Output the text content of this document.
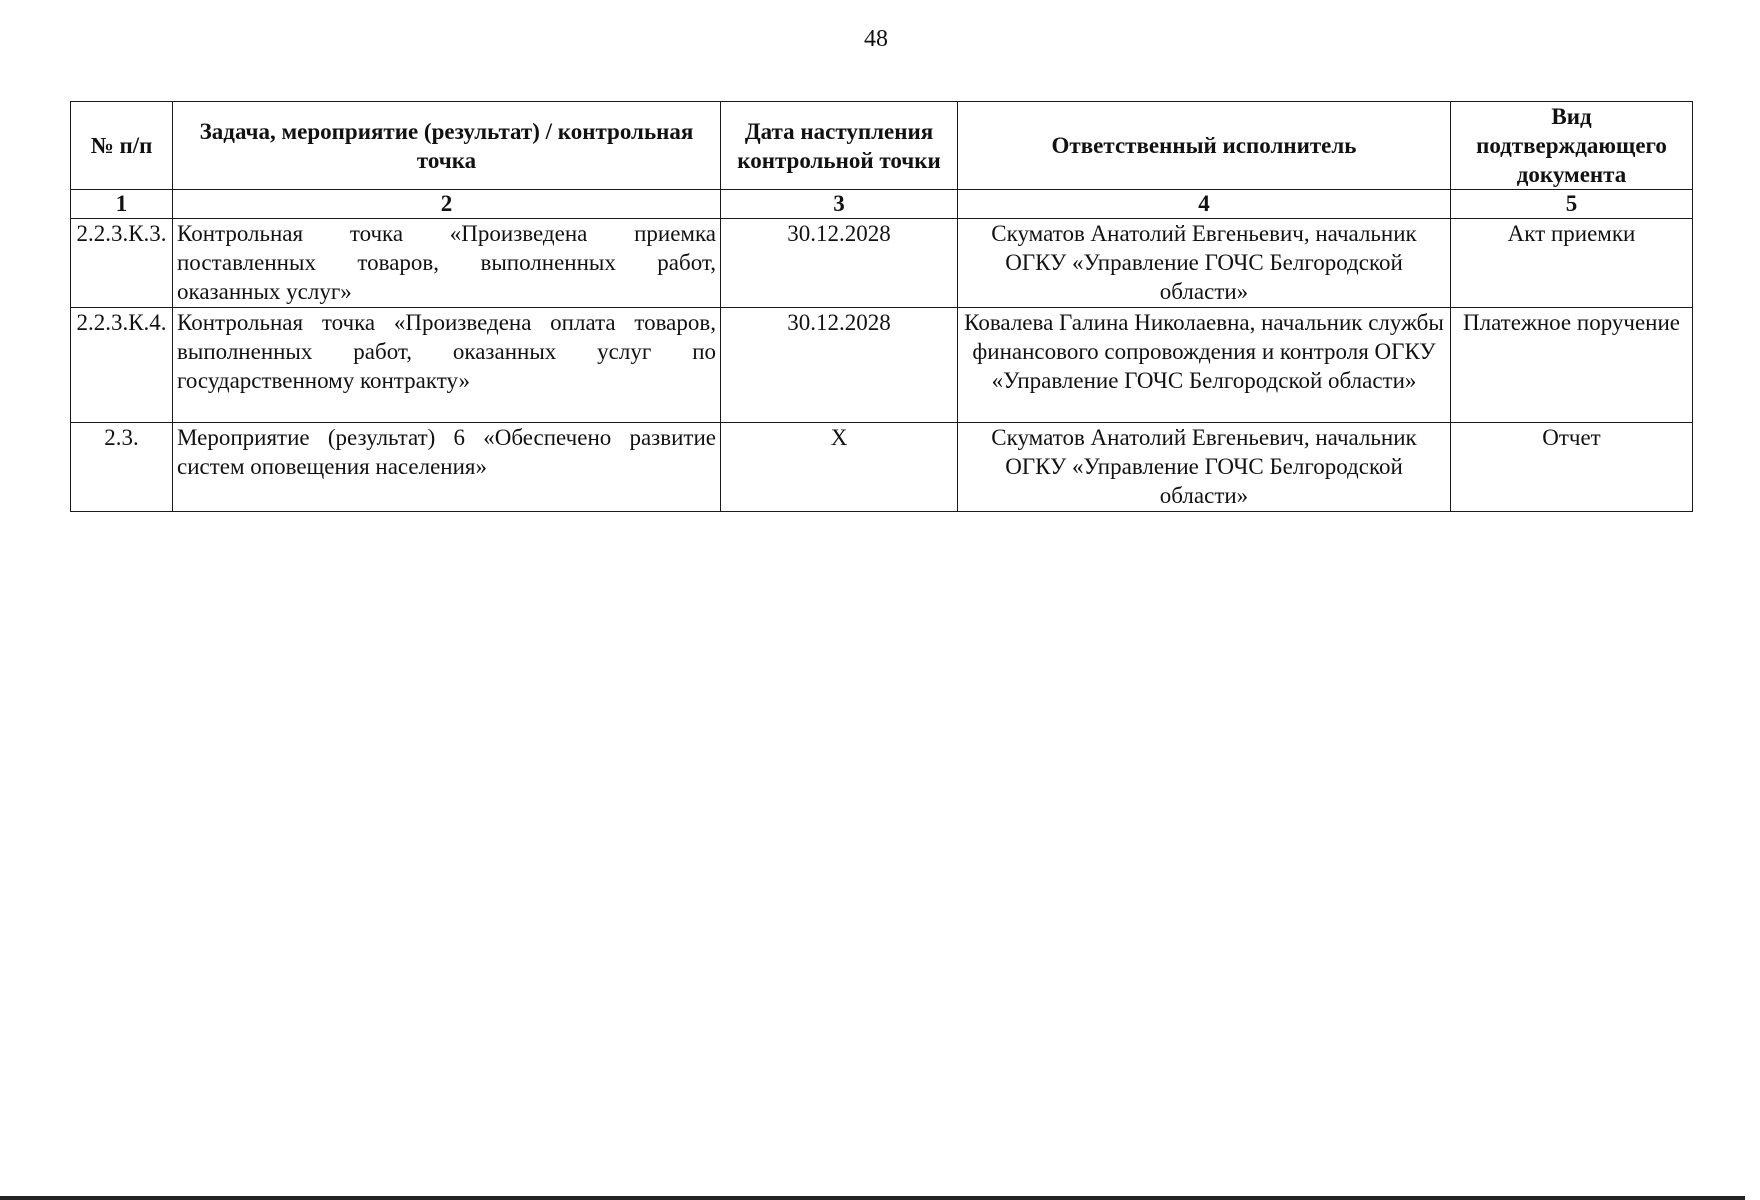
48
№ п/п	Задача, мероприятие (результат) / контрольная точка	Дата наступления контрольной точки	Ответственный исполнитель	Вид подтверждающего документа
1	2	3	4	5
2.2.3.К.3.	Контрольная точка «Произведена приемка поставленных товаров, выполненных работ, оказанных услуг»	30.12.2028	Скуматов Анатолий Евгеньевич, начальник ОГКУ «Управление ГОЧС Белгородской области»	Акт приемки
2.2.3.К.4.	Контрольная точка «Произведена оплата товаров, выполненных работ, оказанных услуг по государственному контракту»	30.12.2028	Ковалева Галина Николаевна, начальник службы финансового сопровождения и контроля ОГКУ «Управление ГОЧС Белгородской области»	Платежное поручение
2.3.	Мероприятие (результат) 6 «Обеспечено развитие систем оповещения населения»	X	Скуматов Анатолий Евгеньевич, начальник ОГКУ «Управление ГОЧС Белгородской области»	Отчет
